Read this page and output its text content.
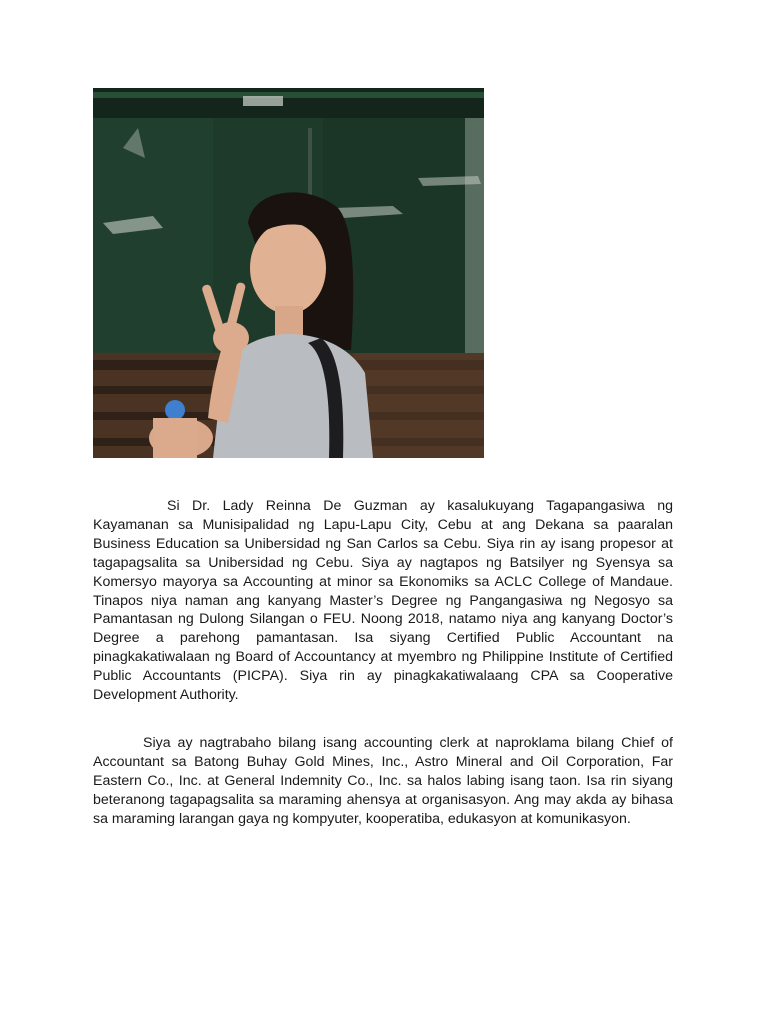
Si Dr. Lady Reinna De Guzman ay kasalukuyang Tagapangasiwa ng Kayamanan sa Munisipalidad ng Lapu-Lapu City, Cebu at ang Dekana sa paaralan Business Education sa Unibersidad ng San Carlos sa Cebu. Siya rin ay isang propesor at tagapagsalita sa Unibersidad ng Cebu. Siya ay nagtapos ng Batsilyer ng Syensya sa Komersyo mayorya sa Accounting at minor sa Ekonomiks sa ACLC College of Mandaue. Tinapos niya naman ang kanyang Master’s Degree ng Pangangasiwa ng Negosyo sa Pamantasan ng Dulong Silangan o FEU. Noong 2018, natamo niya ang kanyang Doctor’s Degree a parehong pamantasan. Isa siyang Certified Public Accountant na pinagkakatiwalaan ng Board of Accountancy at myembro ng Philippine Institute of Certified Public Accountants (PICPA). Siya rin ay pinagkakatiwalaang CPA sa Cooperative Development Authority.

Siya ay nagtrabaho bilang isang accounting clerk at naproklama bilang Chief of Accountant sa Batong Buhay Gold Mines, Inc., Astro Mineral and Oil Corporation, Far Eastern Co., Inc. at General Indemnity Co., Inc. sa halos labing isang taon. Isa rin siyang beteranong tagapagsalita sa maraming ahensya at organisasyon. Ang may akda ay bihasa sa maraming larangan gaya ng kompyuter, kooperatiba, edukasyon at komunikasyon.
